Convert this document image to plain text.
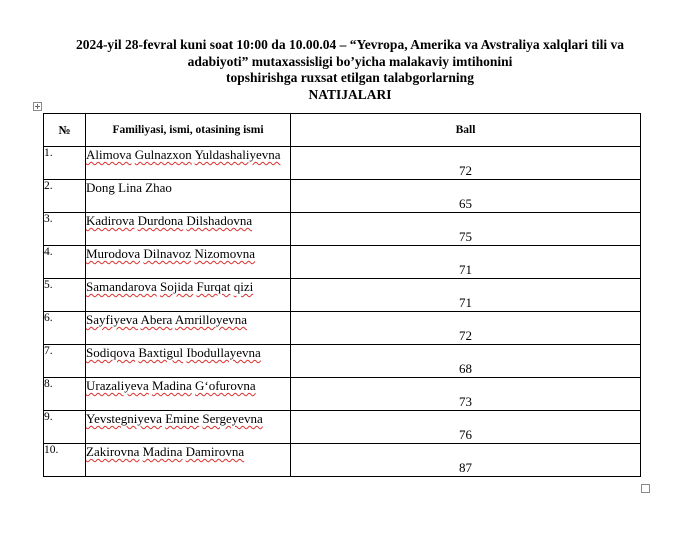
2024-yil 28-fevral kuni soat 10:00 da 10.00.04 – “Yevropa, Amerika va Avstraliya xalqlari tili va
adabiyoti” mutaxassisligi bo’yicha malakaviy imtihonini
topshirishga ruxsat etilgan talabgorlarning
NATIJALARI
№	Familiyasi, ismi, otasining ismi	Ball
1.	Alimova Gulnazxon Yuldashaliyevna	72
2.	Dong Lina Zhao	65
3.	Kadirova Durdona Dilshadovna	75
4.	Murodova Dilnavoz Nizomovna	71
5.	Samandarova Sojida Furqat qizi	71
6.	Sayfiyeva Abera Amrilloyevna	72
7.	Sodiqova Baxtigul Ibodullayevna	68
8.	Urazaliyeva Madina G‘ofurovna	73
9.	Yevstegniyeva Emine Sergeyevna	76
10.	Zakirovna Madina Damirovna	87
